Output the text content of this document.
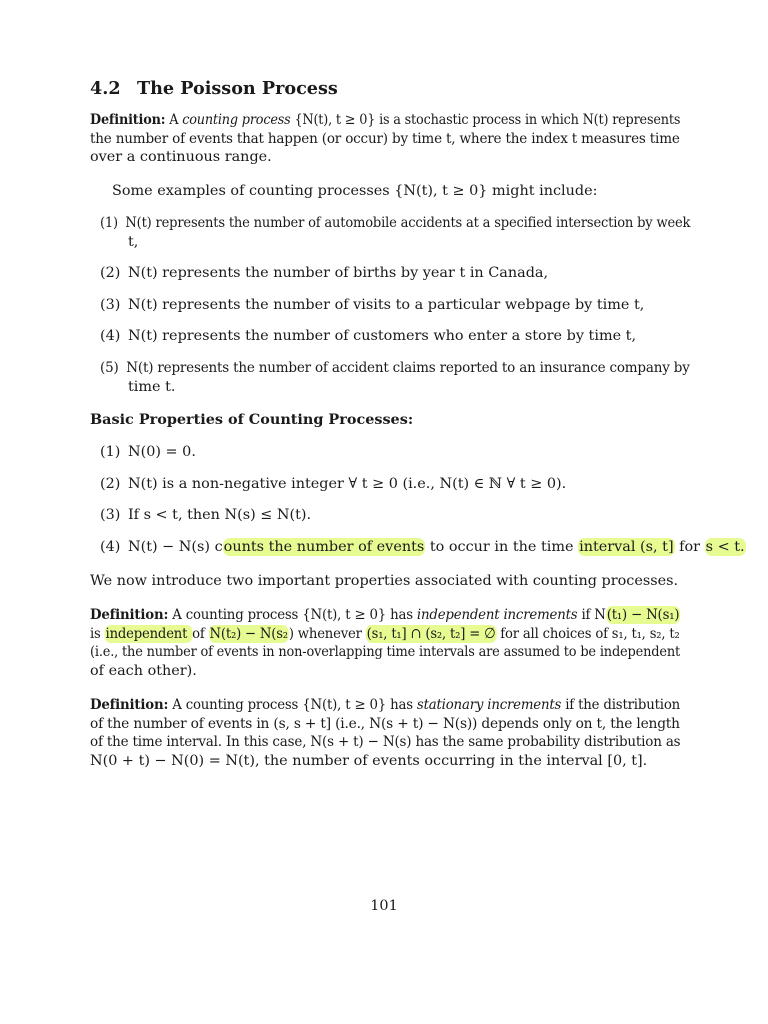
4.2 The Poisson Process
Definition: A counting process {N(t), t ≥ 0} is a stochastic process in which N(t) represents
the number of events that happen (or occur) by time t, where the index t measures time
over a continuous range.
Some examples of counting processes {N(t), t ≥ 0} might include:
(1) N(t) represents the number of automobile accidents at a specified intersection by week
t,
(2) N(t) represents the number of births by year t in Canada,
(3) N(t) represents the number of visits to a particular webpage by time t,
(4) N(t) represents the number of customers who enter a store by time t,
(5) N(t) represents the number of accident claims reported to an insurance company by
time t.
Basic Properties of Counting Processes:
(1) N(0) = 0.
(2) N(t) is a non-negative integer ∀ t ≥ 0 (i.e., N(t) ∈ ℕ ∀ t ≥ 0).
(3) If s < t, then N(s) ≤ N(t).
(4) N(t) − N(s) counts the number of events to occur in the time interval (s, t] for s < t.
We now introduce two important properties associated with counting processes.
Definition: A counting process {N(t), t ≥ 0} has independent increments if N(t₁) − N(s₁)
is independent of N(t₂) − N(s₂) whenever (s₁, t₁] ∩ (s₂, t₂] = ∅ for all choices of s₁, t₁, s₂, t₂
(i.e., the number of events in non-overlapping time intervals are assumed to be independent
of each other).
Definition: A counting process {N(t), t ≥ 0} has stationary increments if the distribution
of the number of events in (s, s + t] (i.e., N(s + t) − N(s)) depends only on t, the length
of the time interval. In this case, N(s + t) − N(s) has the same probability distribution as
N(0 + t) − N(0) = N(t), the number of events occurring in the interval [0, t].
101
